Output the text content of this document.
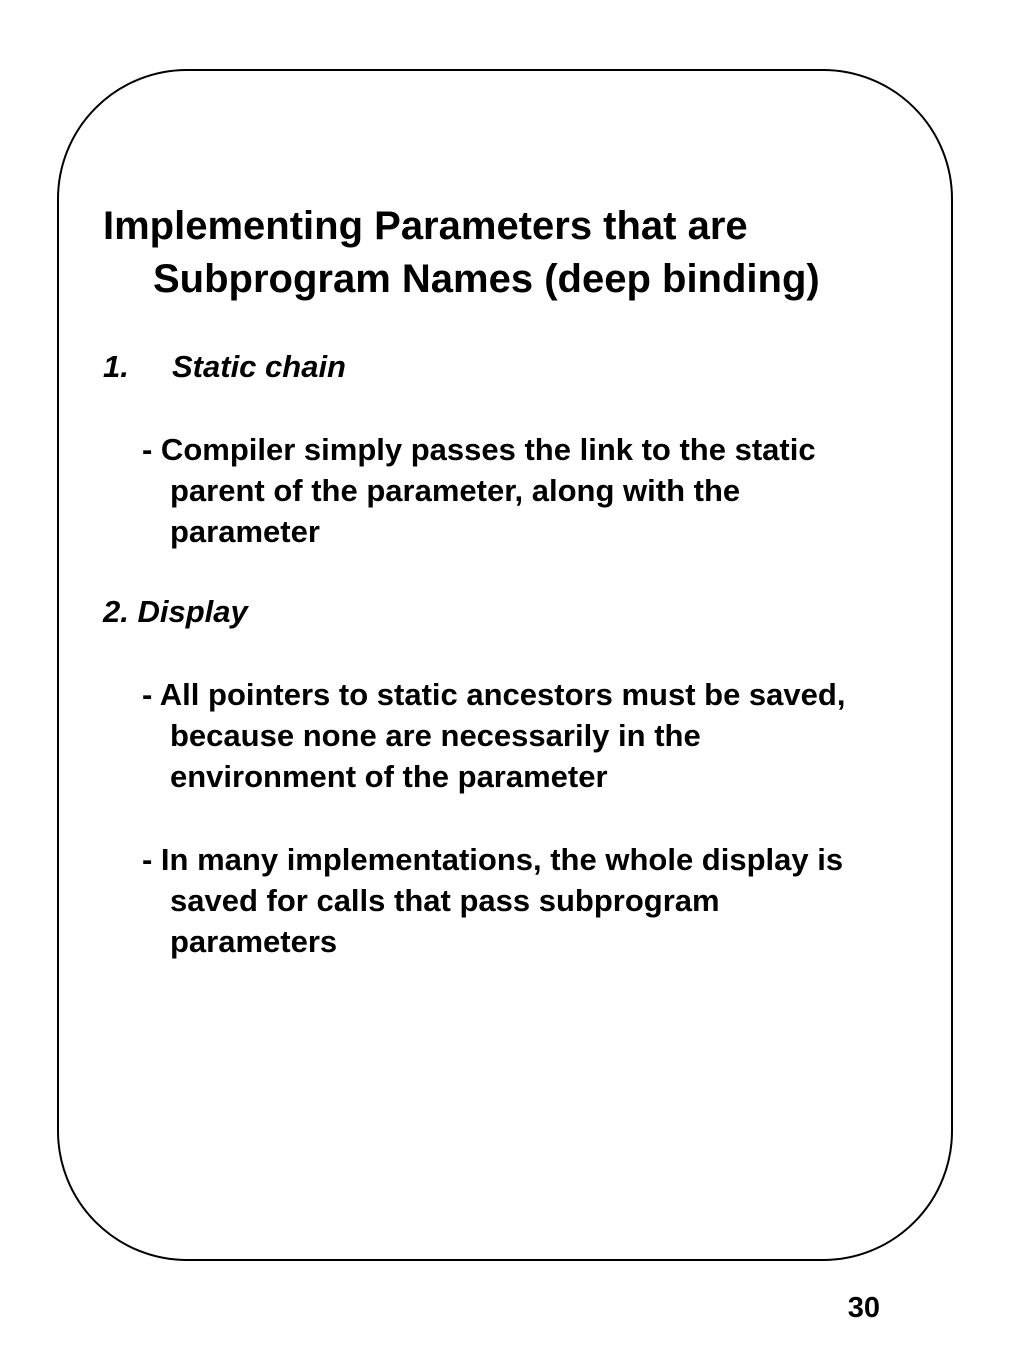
Implementing Parameters that are
Subprogram Names (deep binding)

1. Static chain

- Compiler simply passes the link to the static
parent of the parameter, along with the
parameter

2. Display

- All pointers to static ancestors must be saved,
because none are necessarily in the
environment of the parameter

- In many implementations, the whole display is
saved for calls that pass subprogram
parameters

30
